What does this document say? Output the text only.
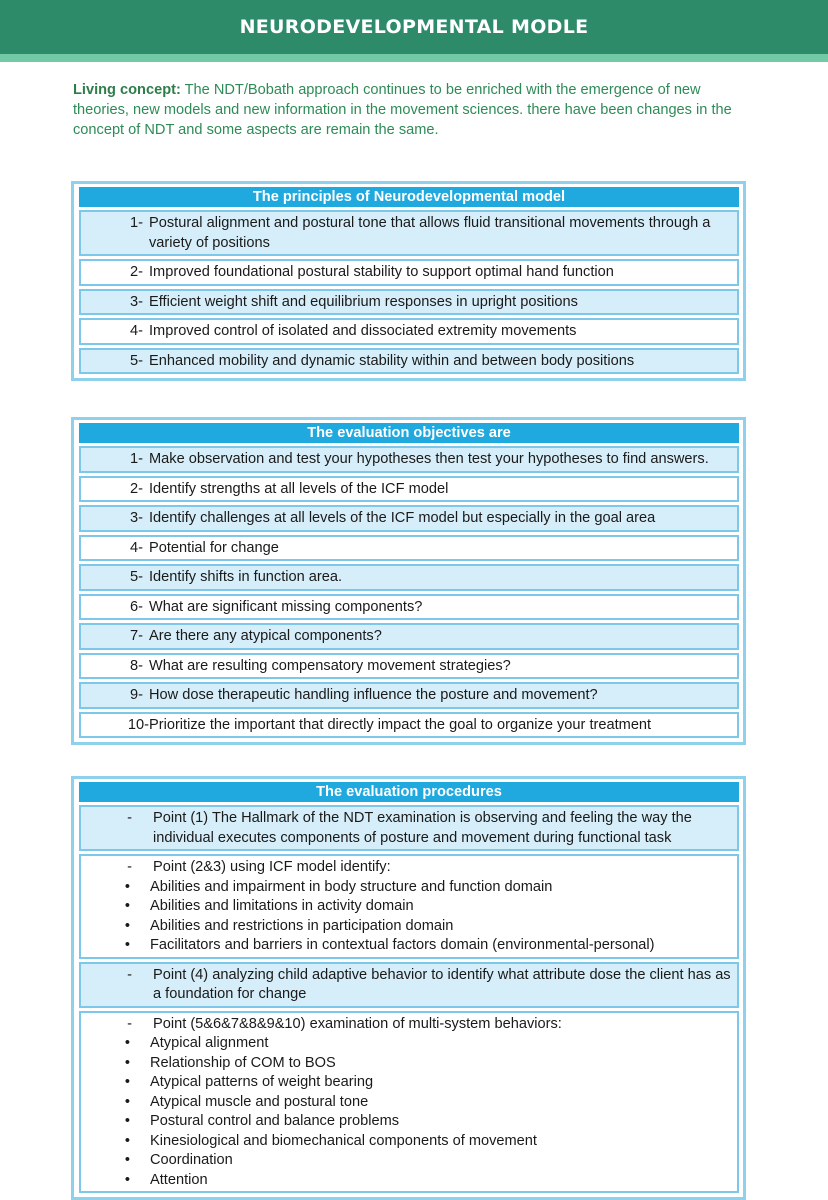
NEURODEVELOPMENTAL MODLE

Living concept: The NDT/Bobath approach continues to be enriched with the emergence of new theories, new models and new information in the movement sciences. there have been changes in the concept of NDT and some aspects are remain the same.

The principles of Neurodevelopmental model
1- Postural alignment and postural tone that allows fluid transitional movements through a variety of positions
2- Improved foundational postural stability to support optimal hand function
3- Efficient weight shift and equilibrium responses in upright positions
4- Improved control of isolated and dissociated extremity movements
5- Enhanced mobility and dynamic stability within and between body positions
The evaluation objectives are
1- Make observation and test your hypotheses then test your hypotheses to find answers.
2- Identify strengths at all levels of the ICF model
3- Identify challenges at all levels of the ICF model but especially in the goal area
4- Potential for change
5- Identify shifts in function area.
6- What are significant missing components?
7- Are there any atypical components?
8- What are resulting compensatory movement strategies?
9- How dose therapeutic handling influence the posture and movement?
10- Prioritize the important that directly impact the goal to organize your treatment
The evaluation procedures
-	Point (1) The Hallmark of the NDT examination is observing and feeling the way the individual executes components of posture and movement during functional task
-	Point (2&3) using ICF model identify:
•	Abilities and impairment in body structure and function domain
•	Abilities and limitations in activity domain
•	Abilities and restrictions in participation domain
•	Facilitators and barriers in contextual factors domain (environmental-personal)
-	Point (4) analyzing child adaptive behavior to identify what attribute dose the client has as a foundation for change
-	Point (5&6&7&8&9&10) examination of multi-system behaviors:
•	Atypical alignment
•	Relationship of COM to BOS
•	Atypical patterns of weight bearing
•	Atypical muscle and postural tone
•	Postural control and balance problems
•	Kinesiological and biomechanical components of movement
•	Coordination
•	Attention
